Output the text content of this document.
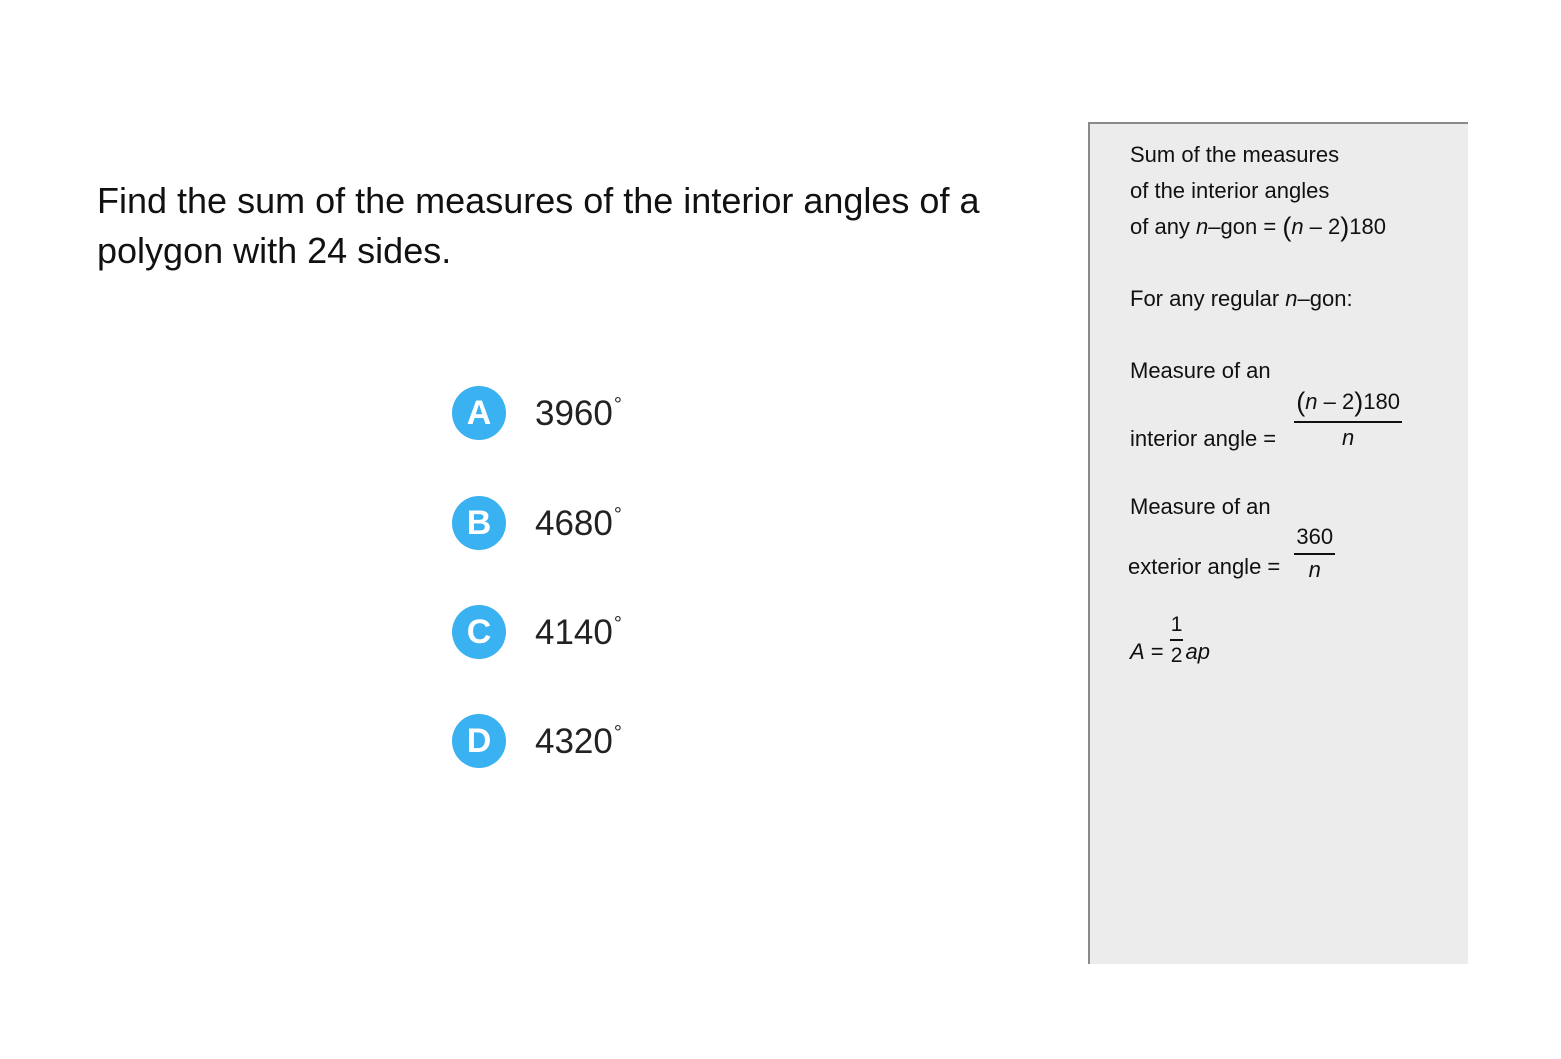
Find the sum of the measures of the interior angles of a polygon with 24 sides.
A	3960°
B	4680°
C	4140°
D	4320°
Sum of the measures
of the interior angles
of any n–gon = (n – 2)180
For any regular n–gon:
Measure of an
interior angle = $\frac{(n - 2)180}{n}$
Measure of an
exterior angle = $\frac{360}{n}$
$A = \frac{1}{2}$ ap
